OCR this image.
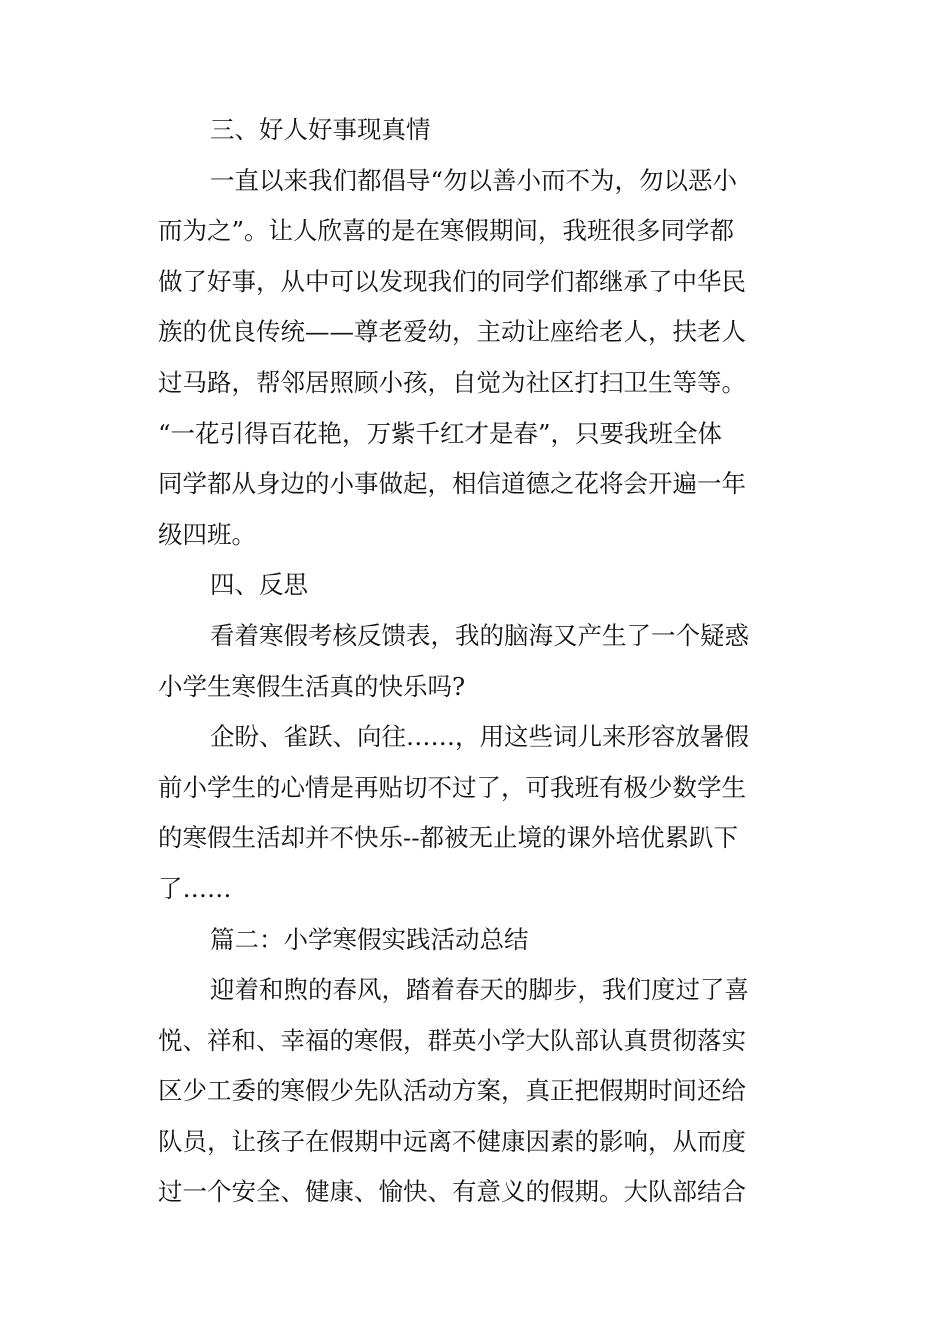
三、好人好事现真情

一直以来我们都倡导“勿以善小而不为，勿以恶小
而为之”。让人欣喜的是在寒假期间，我班很多同学都
做了好事，从中可以发现我们的同学们都继承了中华民
族的优良传统——尊老爱幼，主动让座给老人，扶老人
过马路，帮邻居照顾小孩，自觉为社区打扫卫生等等。
“一花引得百花艳，万紫千红才是春”，只要我班全体
同学都从身边的小事做起，相信道德之花将会开遍一年
级四班。

四、反思

看着寒假考核反馈表，我的脑海又产生了一个疑惑
小学生寒假生活真的快乐吗?

企盼、雀跃、向往……，用这些词儿来形容放暑假
前小学生的心情是再贴切不过了，可我班有极少数学生
的寒假生活却并不快乐--都被无止境的课外培优累趴下
了……

篇二：小学寒假实践活动总结

迎着和煦的春风，踏着春天的脚步，我们度过了喜
悦、祥和、幸福的寒假，群英小学大队部认真贯彻落实
区少工委的寒假少先队活动方案，真正把假期时间还给
队员，让孩子在假期中远离不健康因素的影响，从而度
过一个安全、健康、愉快、有意义的假期。大队部结合
